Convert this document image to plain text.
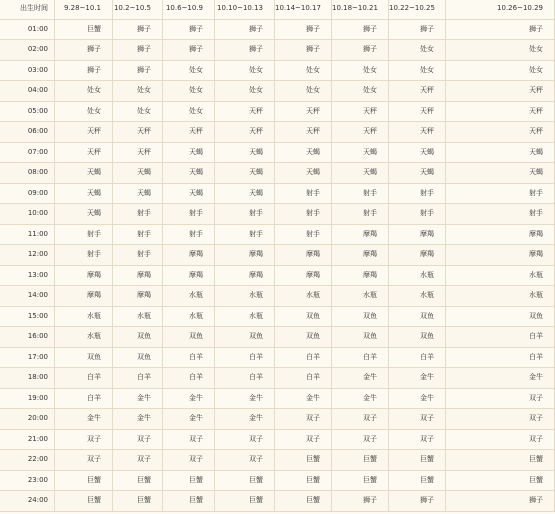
出生时间	9.28~10.1	10.2~10.5	10.6~10.9	10.10~10.13	10.14~10.17	10.18~10.21	10.22~10.25	10.26~10.29
01:00	巨蟹	狮子	狮子	狮子	狮子	狮子	狮子	狮子
02:00	狮子	狮子	狮子	狮子	狮子	狮子	处女	处女
03:00	狮子	狮子	处女	处女	处女	处女	处女	处女
04:00	处女	处女	处女	处女	处女	处女	天秤	天秤
05:00	处女	处女	处女	天秤	天秤	天秤	天秤	天秤
06:00	天秤	天秤	天秤	天秤	天秤	天秤	天秤	天秤
07:00	天秤	天秤	天蝎	天蝎	天蝎	天蝎	天蝎	天蝎
08:00	天蝎	天蝎	天蝎	天蝎	天蝎	天蝎	天蝎	天蝎
09:00	天蝎	天蝎	天蝎	天蝎	射手	射手	射手	射手
10:00	天蝎	射手	射手	射手	射手	射手	射手	射手
11:00	射手	射手	射手	射手	射手	摩羯	摩羯	摩羯
12:00	射手	射手	摩羯	摩羯	摩羯	摩羯	摩羯	摩羯
13:00	摩羯	摩羯	摩羯	摩羯	摩羯	摩羯	水瓶	水瓶
14:00	摩羯	摩羯	水瓶	水瓶	水瓶	水瓶	水瓶	水瓶
15:00	水瓶	水瓶	水瓶	水瓶	双鱼	双鱼	双鱼	双鱼
16:00	水瓶	双鱼	双鱼	双鱼	双鱼	双鱼	双鱼	白羊
17:00	双鱼	双鱼	白羊	白羊	白羊	白羊	白羊	白羊
18:00	白羊	白羊	白羊	白羊	白羊	金牛	金牛	金牛
19:00	白羊	金牛	金牛	金牛	金牛	金牛	金牛	双子
20:00	金牛	金牛	金牛	金牛	双子	双子	双子	双子
21:00	双子	双子	双子	双子	双子	双子	双子	双子
22:00	双子	双子	双子	双子	巨蟹	巨蟹	巨蟹	巨蟹
23:00	巨蟹	巨蟹	巨蟹	巨蟹	巨蟹	巨蟹	巨蟹	巨蟹
24:00	巨蟹	巨蟹	巨蟹	巨蟹	巨蟹	狮子	狮子	狮子
